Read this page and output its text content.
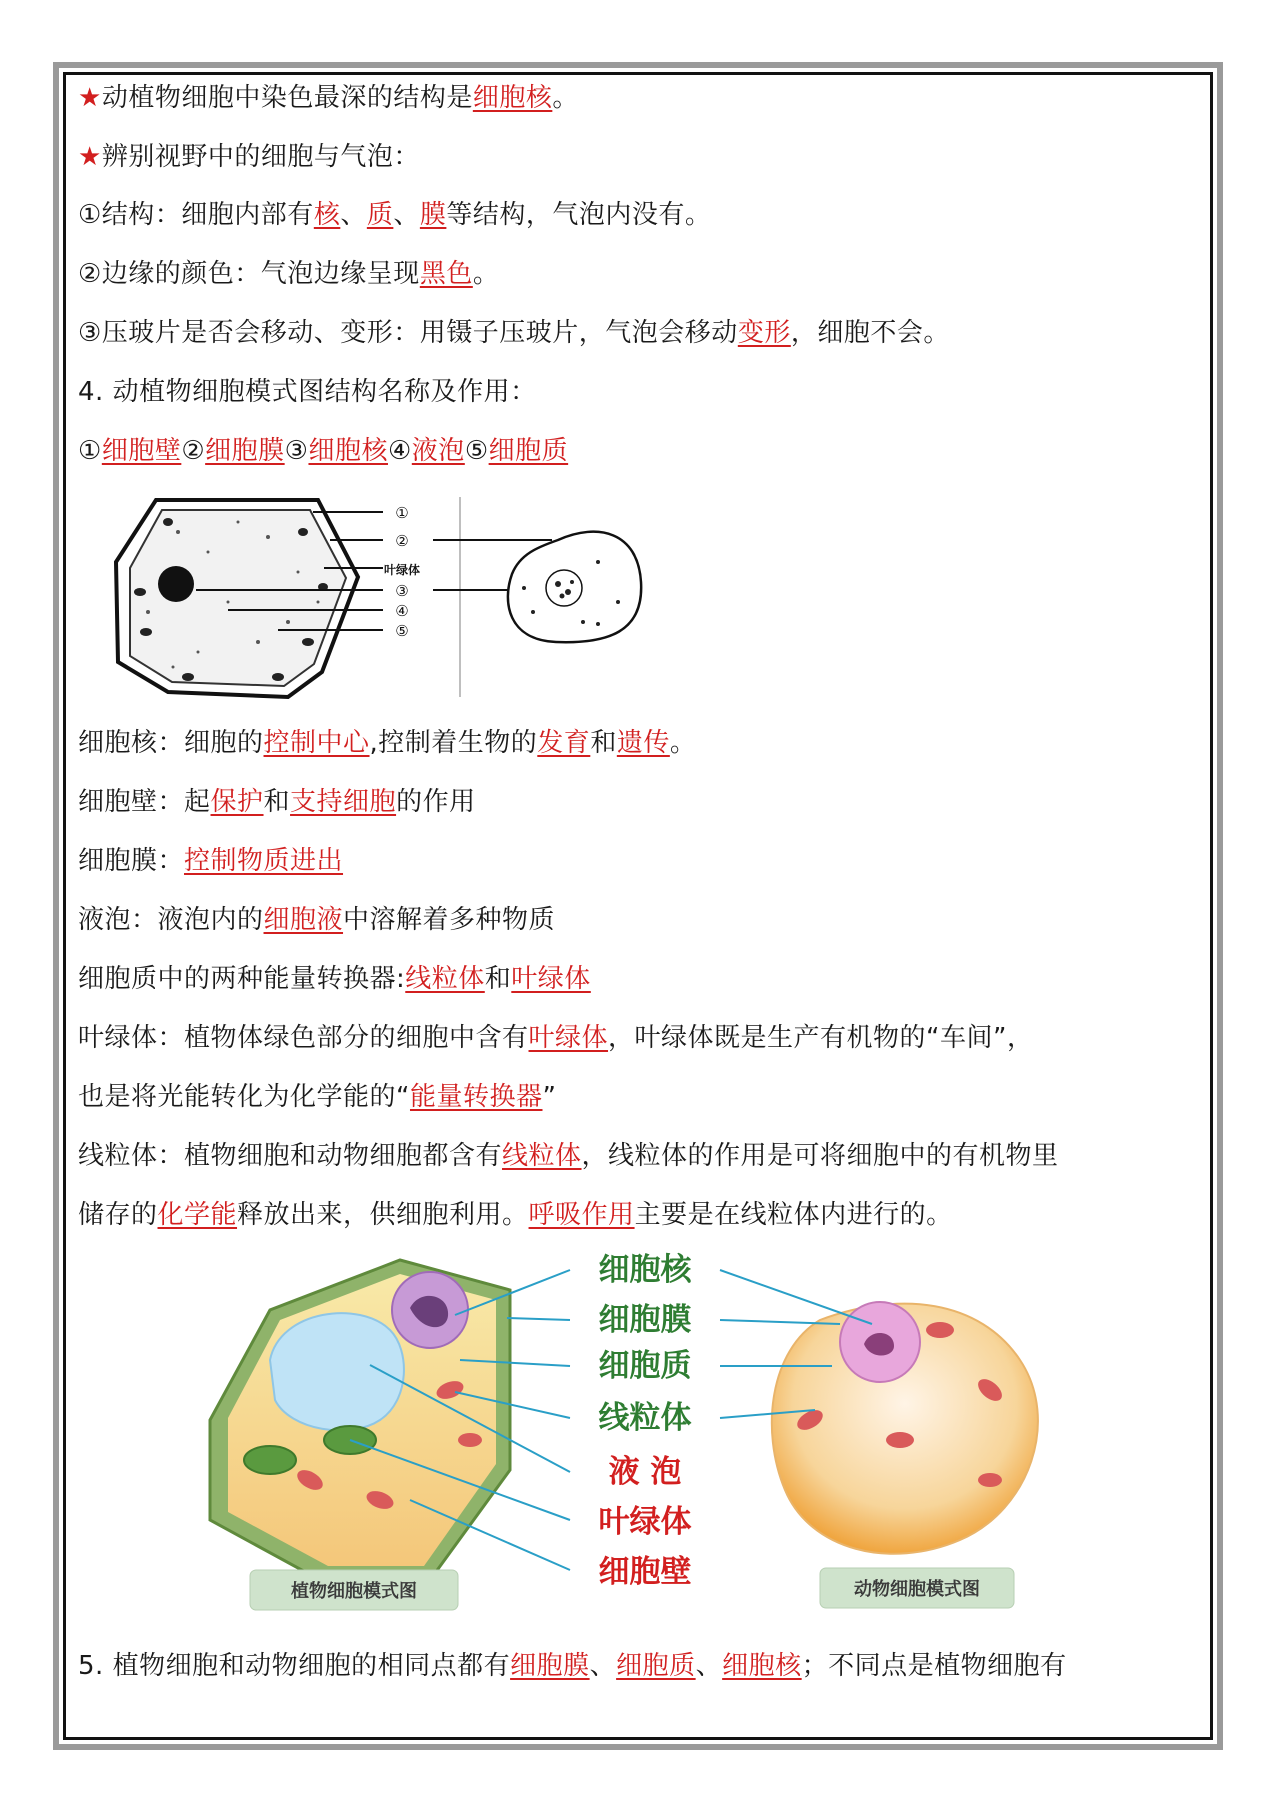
★动植物细胞中染色最深的结构是细胞核。
★辨别视野中的细胞与气泡：
①结构：细胞内部有核、质、膜等结构，气泡内没有。
②边缘的颜色：气泡边缘呈现黑色。
③压玻片是否会移动、变形：用镊子压玻片，气泡会移动变形，细胞不会。
4. 动植物细胞模式图结构名称及作用：
①细胞壁②细胞膜③细胞核④液泡⑤细胞质
①
②
叶绿体
③
④
⑤
细胞核：细胞的控制中心,控制着生物的发育和遗传。
细胞壁：起保护和支持细胞的作用
细胞膜：控制物质进出
液泡：液泡内的细胞液中溶解着多种物质
细胞质中的两种能量转换器:线粒体和叶绿体
叶绿体：植物体绿色部分的细胞中含有叶绿体，叶绿体既是生产有机物的“车间”，
也是将光能转化为化学能的“能量转换器”
线粒体：植物细胞和动物细胞都含有线粒体，线粒体的作用是可将细胞中的有机物里
储存的化学能释放出来，供细胞利用。呼吸作用主要是在线粒体内进行的。
细胞核
细胞膜
细胞质
线粒体
液 泡
叶绿体
细胞壁
植物细胞模式图	动物细胞模式图
5. 植物细胞和动物细胞的相同点都有细胞膜、细胞质、细胞核；不同点是植物细胞有
